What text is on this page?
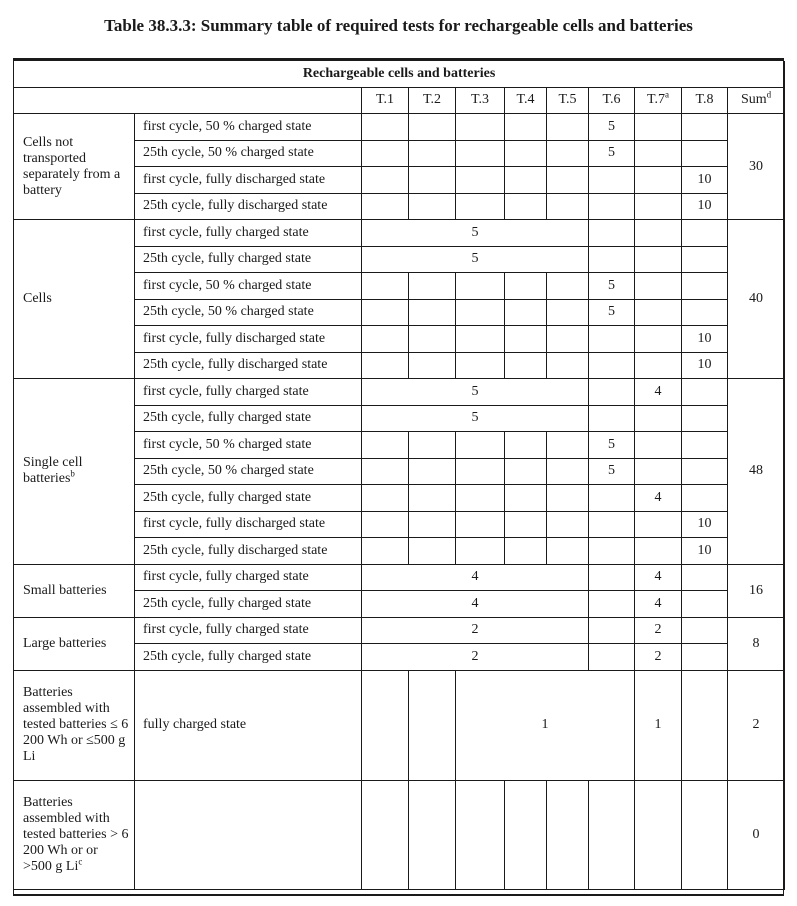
Table 38.3.3: Summary table of required tests for rechargeable cells and batteries
Rechargeable cells and batteries										
		T.1	T.2	T.3	T.4	T.5	T.6	T.7$^a$	T.8	Sum$^d$
Cells not transported separately from a battery	first cycle, 50 % charged state						5			30
	25th cycle, 50 % charged state						5			
	first cycle, fully discharged state								10	
	25th cycle, fully discharged state								10	
Cells	first cycle, fully charged state	5								40
	25th cycle, fully charged state	5								
	first cycle, 50 % charged state						5			
	25th cycle, 50 % charged state						5			
	first cycle, fully discharged state								10	
	25th cycle, fully discharged state								10	
Single cell batteries$^b$	first cycle, fully charged state	5						4		48
	25th cycle, fully charged state	5								
	first cycle, 50 % charged state						5			
	25th cycle, 50 % charged state						5			
	25th cycle, fully charged state							4		
	first cycle, fully discharged state								10	
	25th cycle, fully discharged state								10	
Small batteries	first cycle, fully charged state	4						4		16
	25th cycle, fully charged state	4						4		
Large batteries	first cycle, fully charged state	2						2		8
	25th cycle, fully charged state	2						2		
Batteries assembled with tested batteries ≤ 6 200 Wh or ≤500 g Li	fully charged state			1				1		2
Batteries assembled with tested batteries > 6 200 Wh or or >500 g Li$^c$										0
